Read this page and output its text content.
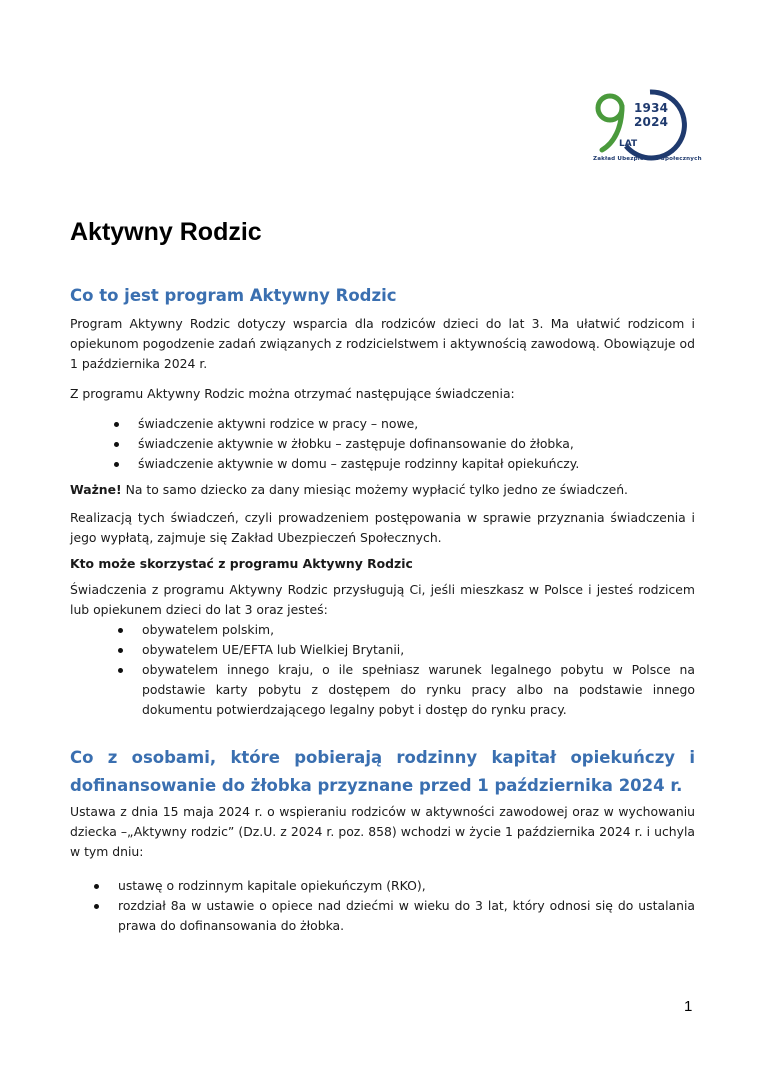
1934
2024
LAT
Zakład Ubezpieczeń Społecznych
Aktywny Rodzic
Co to jest program Aktywny Rodzic

Program Aktywny Rodzic dotyczy wsparcia dla rodziców dzieci do lat 3. Ma ułatwić rodzicom i opiekunom pogodzenie zadań związanych z rodzicielstwem i aktywnością zawodową. Obowiązuje od 1 października 2024 r.

Z programu Aktywny Rodzic można otrzymać następujące świadczenia:

świadczenie aktywni rodzice w pracy – nowe,
świadczenie aktywnie w żłobku – zastępuje dofinansowanie do żłobka,
świadczenie aktywnie w domu – zastępuje rodzinny kapitał opiekuńczy.

Ważne! Na to samo dziecko za dany miesiąc możemy wypłacić tylko jedno ze świadczeń.

Realizacją tych świadczeń, czyli prowadzeniem postępowania w sprawie przyznania świadczenia i jego wypłatą, zajmuje się Zakład Ubezpieczeń Społecznych.

Kto może skorzystać z programu Aktywny Rodzic

Świadczenia z programu Aktywny Rodzic przysługują Ci, jeśli mieszkasz w Polsce i jesteś rodzicem lub opiekunem dzieci do lat 3 oraz jesteś:

obywatelem polskim,
obywatelem UE/EFTA lub Wielkiej Brytanii,
obywatelem innego kraju, o ile spełniasz warunek legalnego pobytu w Polsce na podstawie karty pobytu z dostępem do rynku pracy albo na podstawie innego dokumentu potwierdzającego legalny pobyt i dostęp do rynku pracy.
Co z osobami, które pobierają rodzinny kapitał opiekuńczy i dofinansowanie do żłobka przyznane przed 1 października 2024 r.

Ustawa z dnia 15 maja 2024 r. o wspieraniu rodziców w aktywności zawodowej oraz w wychowaniu dziecka –„Aktywny rodzic” (Dz.U. z 2024 r. poz. 858) wchodzi w życie 1 października 2024 r. i uchyla w tym dniu:

ustawę o rodzinnym kapitale opiekuńczym (RKO),
rozdział 8a w ustawie o opiece nad dziećmi w wieku do 3 lat, który odnosi się do ustalania prawa do dofinansowania do żłobka.
1
